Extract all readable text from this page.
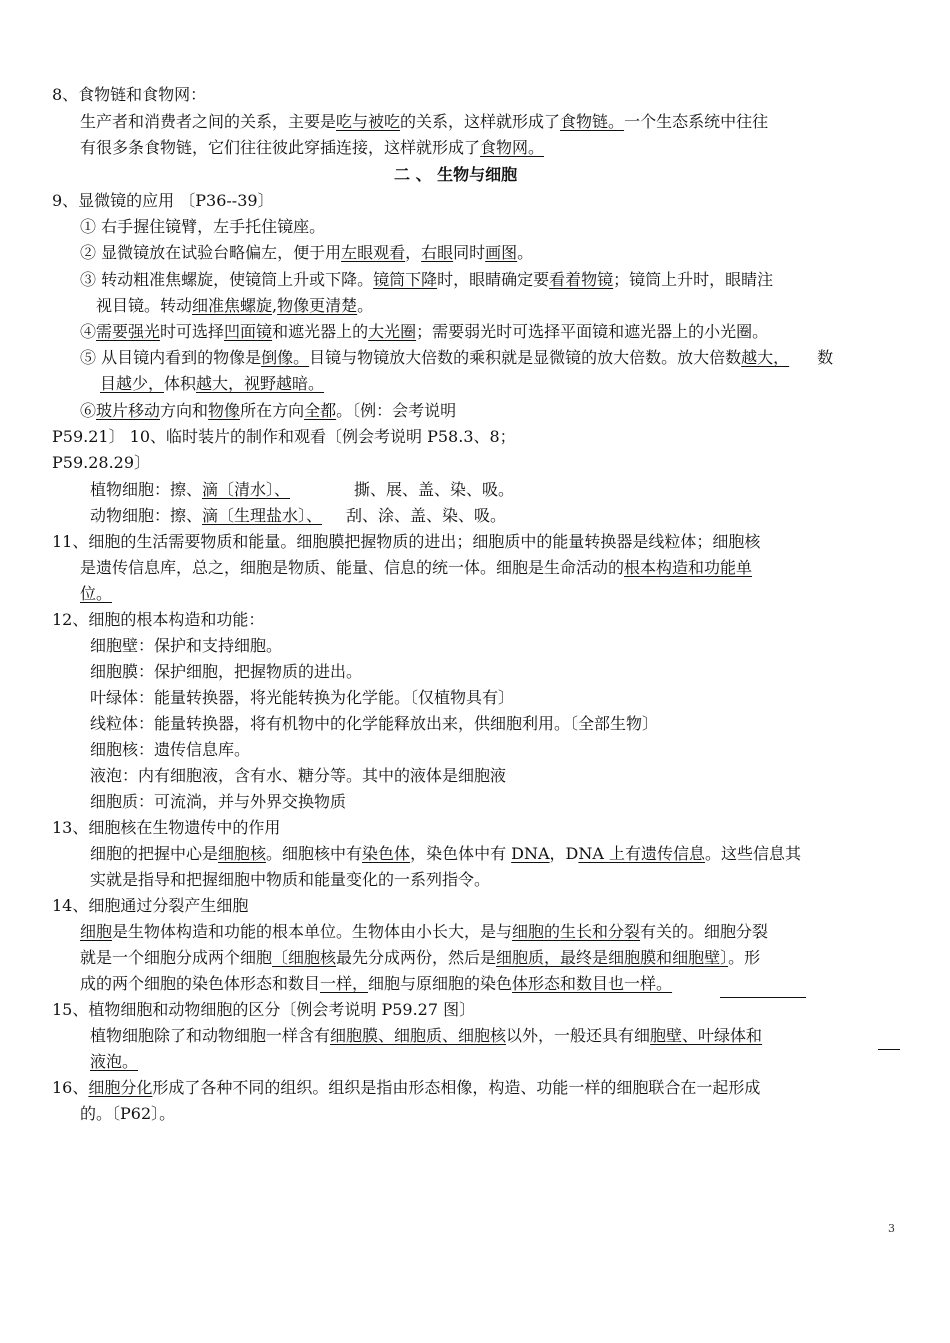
8、食物链和食物网：
生产者和消费者之间的关系，主要是吃与被吃的关系，这样就形成了食物链。一个生态系统中往往
有很多条食物链，它们往往彼此穿插连接，这样就形成了食物网。
二 、 生物与细胞
9、显微镜的应用 〔P36--39〕
① 右手握住镜臂，左手托住镜座。
② 显微镜放在试验台略偏左，便于用左眼观看，右眼同时画图。
③ 转动粗准焦螺旋，使镜筒上升或下降。镜筒下降时，眼睛确定要看着物镜；镜筒上升时，眼睛注
视目镜。转动细准焦螺旋,物像更清楚。
④需要强光时可选择凹面镜和遮光器上的大光圈；需要弱光时可选择平面镜和遮光器上的小光圈。
⑤ 从目镜内看到的物像是倒像。目镜与物镜放大倍数的乘积就是显微镜的放大倍数。放大倍数越大， 数
目越少，体积越大，视野越暗。
⑥玻片移动方向和物像所在方向全都。〔例：会考说明
P59.21〕 10、临时装片的制作和观看〔例会考说明 P58.3、8；
P59.28.29〕
植物细胞：擦、滴〔清水〕、	撕、展、盖、染、吸。
动物细胞：擦、滴〔生理盐水〕、 刮、涂、盖、染、吸。
11、细胞的生活需要物质和能量。细胞膜把握物质的进出；细胞质中的能量转换器是线粒体；细胞核
是遗传信息库，总之，细胞是物质、能量、信息的统一体。细胞是生命活动的根本构造和功能单
位。
12、细胞的根本构造和功能：
细胞壁：保护和支持细胞。
细胞膜：保护细胞，把握物质的进出。
叶绿体：能量转换器，将光能转换为化学能。〔仅植物具有〕
线粒体：能量转换器，将有机物中的化学能释放出来，供细胞利用。〔全部生物〕
细胞核：遗传信息库。
液泡：内有细胞液，含有水、糖分等。其中的液体是细胞液
细胞质：可流淌，并与外界交换物质
13、细胞核在生物遗传中的作用
细胞的把握中心是细胞核。细胞核中有染色体，染色体中有 DNA，DNA 上有遗传信息。这些信息其
实就是指导和把握细胞中物质和能量变化的一系列指令。
14、细胞通过分裂产生细胞
细胞是生物体构造和功能的根本单位。生物体由小长大，是与细胞的生长和分裂有关的。细胞分裂
就是一个细胞分成两个细胞〔细胞核最先分成两份，然后是细胞质，最终是细胞膜和细胞壁〕。形
成的两个细胞的染色体形态和数目一样，细胞与原细胞的染色体形态和数目也一样。
15、植物细胞和动物细胞的区分〔例会考说明 P59.27 图〕
植物细胞除了和动物细胞一样含有细胞膜、细胞质、细胞核以外，一般还具有细胞壁、叶绿体和
液泡。
16、细胞分化形成了各种不同的组织。组织是指由形态相像，构造、功能一样的细胞联合在一起形成
的。〔P62〕。
3
